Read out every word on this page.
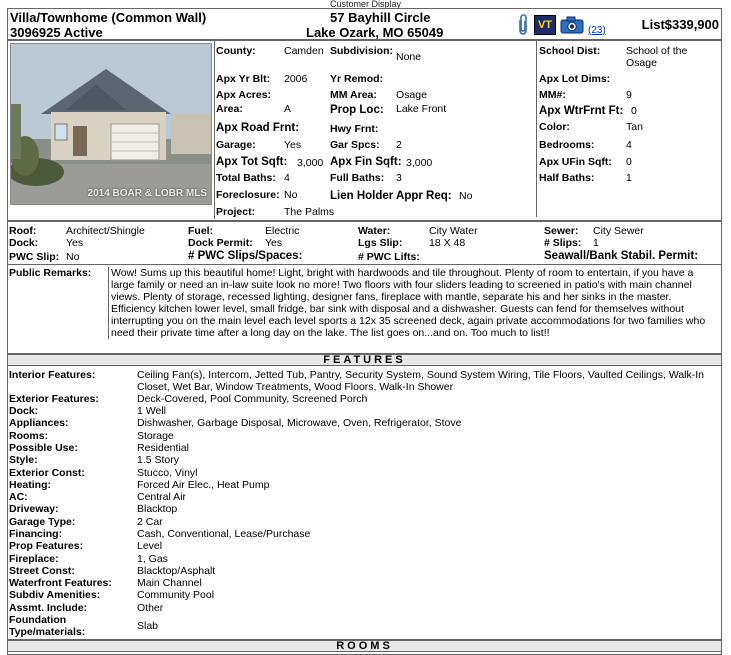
Customer Display
Villa/Townhome (Common Wall)
3096925 Active
57 Bayhill Circle
Lake Ozark, MO 65049	VT	(23)	List$339,900
2014 BOAR & LOBR MLS
County:	Camden Subdivision: None	School Dist: School of the
Osage
Apx Yr Blt: 2006 Yr Remod:	Apx Lot Dims:
Apx Acres:	MM Area: Osage	MM#:	9
Area:	A	Prop Loc: Lake Front	Apx WtrFrnt Ft: 0
Apx Road Frnt:	Hwy Frnt:	Color:	Tan
Garage:	Yes	Gar Spcs: 2	Bedrooms:	4
Apx Tot Sqft: 3,000 Apx Fin Sqft: 3,000	Apx UFin Sqft: 0
Total Baths: 4	Full Baths: 3	Half Baths:	1
Foreclosure: No	Lien Holder Appr Req: No
Project:	The Palms
Roof:	Architect/Shingle	Fuel:	Electric	Water:	City Water	Sewer: City Sewer
Dock:	Yes	Dock Permit: Yes	Lgs Slip:	18 X 48	# Slips: 1
PWC Slip: No	# PWC Slips/Spaces:	# PWC Lifts:	Seawall/Bank Stabil. Permit:
Public Remarks: Wow! Sums up this beautiful home! Light, bright with hardwoods and tile throughout. Plenty of room to entertain, if you have a large family or need an in-law suite look no more! Two floors with four sliders leading to screened in patio's with main channel views. Plenty of storage, recessed lighting, designer fans, fireplace with mantle, separate his and her sinks in the master. Efficiency kitchen lower level, small fridge, bar sink with disposal and a dishwasher. Guests can fend for themselves without interrupting you on the main level each level sports a 12x 35 screened deck, again private accommodations for two families who need their private time after a long day on the lake. The list goes on...and on. Too much to list!!
FEATURES
Interior Features:	Ceiling Fan(s), Intercom, Jetted Tub, Pantry, Security System, Sound System Wiring, Tile Floors, Vaulted Ceilings, Walk-In Closet, Wet Bar, Window Treatments, Wood Floors, Walk-In Shower
Exterior Features:	Deck-Covered, Pool Community, Screened Porch
Dock:	1 Well
Appliances:	Dishwasher, Garbage Disposal, Microwave, Oven, Refrigerator, Stove
Rooms:	Storage
Possible Use:	Residential
Style:	1.5 Story
Exterior Const:	Stucco, Vinyl
Heating:	Forced Air Elec., Heat Pump
AC:	Central Air
Driveway:	Blacktop
Garage Type:	2 Car
Financing:	Cash, Conventional, Lease/Purchase
Prop Features:	Level
Fireplace:	1, Gas
Street Const:	Blacktop/Asphalt
Waterfront Features:	Main Channel
Subdiv Amenities:	Community Pool
Assmt. Include:	Other
Foundation Type/materials:	Slab
ROOMS
